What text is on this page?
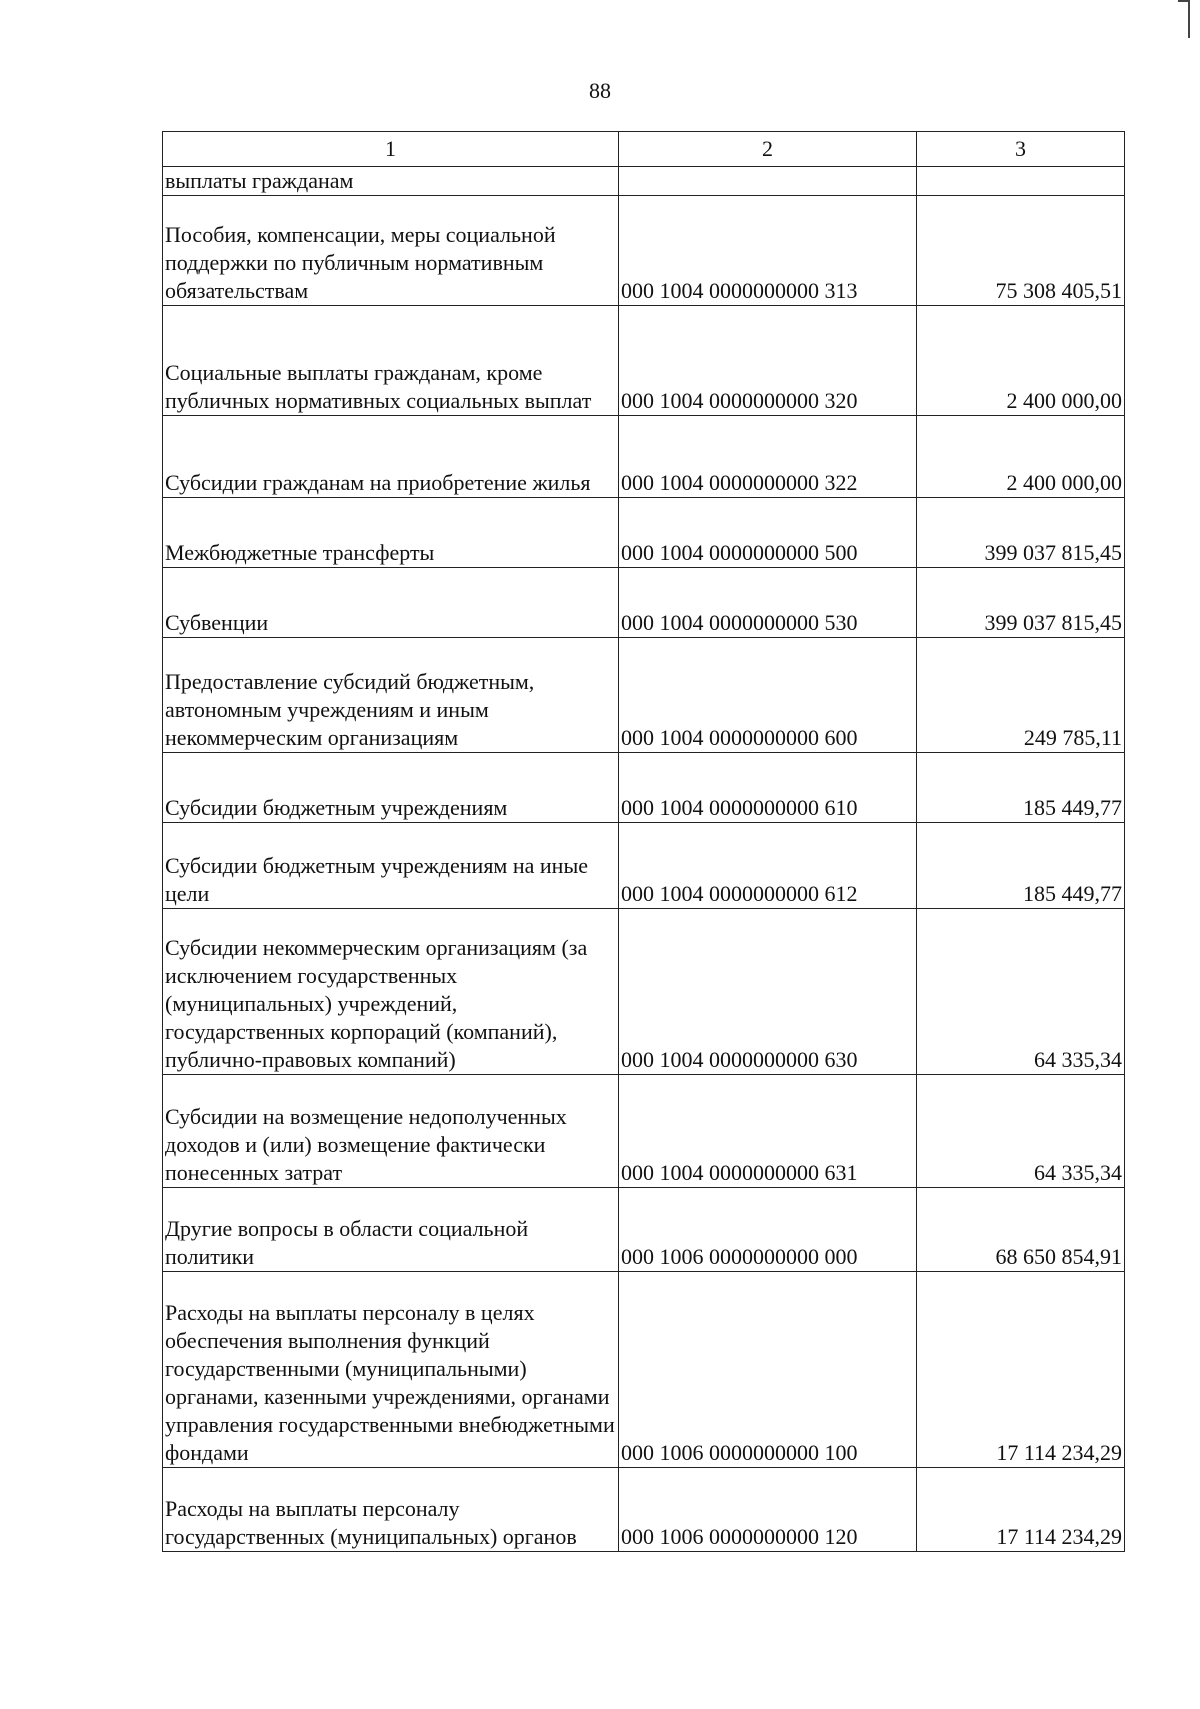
88
1	2	3
выплаты гражданам		
Пособия, компенсации, меры социальной поддержки по публичным нормативным обязательствам	000 1004 0000000000 313	75 308 405,51
Социальные выплаты гражданам, кроме публичных нормативных социальных выплат	000 1004 0000000000 320	2 400 000,00
Субсидии гражданам на приобретение жилья	000 1004 0000000000 322	2 400 000,00
Межбюджетные трансферты	000 1004 0000000000 500	399 037 815,45
Субвенции	000 1004 0000000000 530	399 037 815,45
Предоставление субсидий бюджетным, автономным учреждениям и иным некоммерческим организациям	000 1004 0000000000 600	249 785,11
Субсидии бюджетным учреждениям	000 1004 0000000000 610	185 449,77
Субсидии бюджетным учреждениям на иные цели	000 1004 0000000000 612	185 449,77
Субсидии некоммерческим организациям (за исключением государственных (муниципальных) учреждений, государственных корпораций (компаний), публично-правовых компаний)	000 1004 0000000000 630	64 335,34
Субсидии на возмещение недополученных доходов и (или) возмещение фактически понесенных затрат	000 1004 0000000000 631	64 335,34
Другие вопросы в области социальной политики	000 1006 0000000000 000	68 650 854,91
Расходы на выплаты персоналу в целях обеспечения выполнения функций государственными (муниципальными) органами, казенными учреждениями, органами управления государственными внебюджетными фондами	000 1006 0000000000 100	17 114 234,29
Расходы на выплаты персоналу государственных (муниципальных) органов	000 1006 0000000000 120	17 114 234,29
